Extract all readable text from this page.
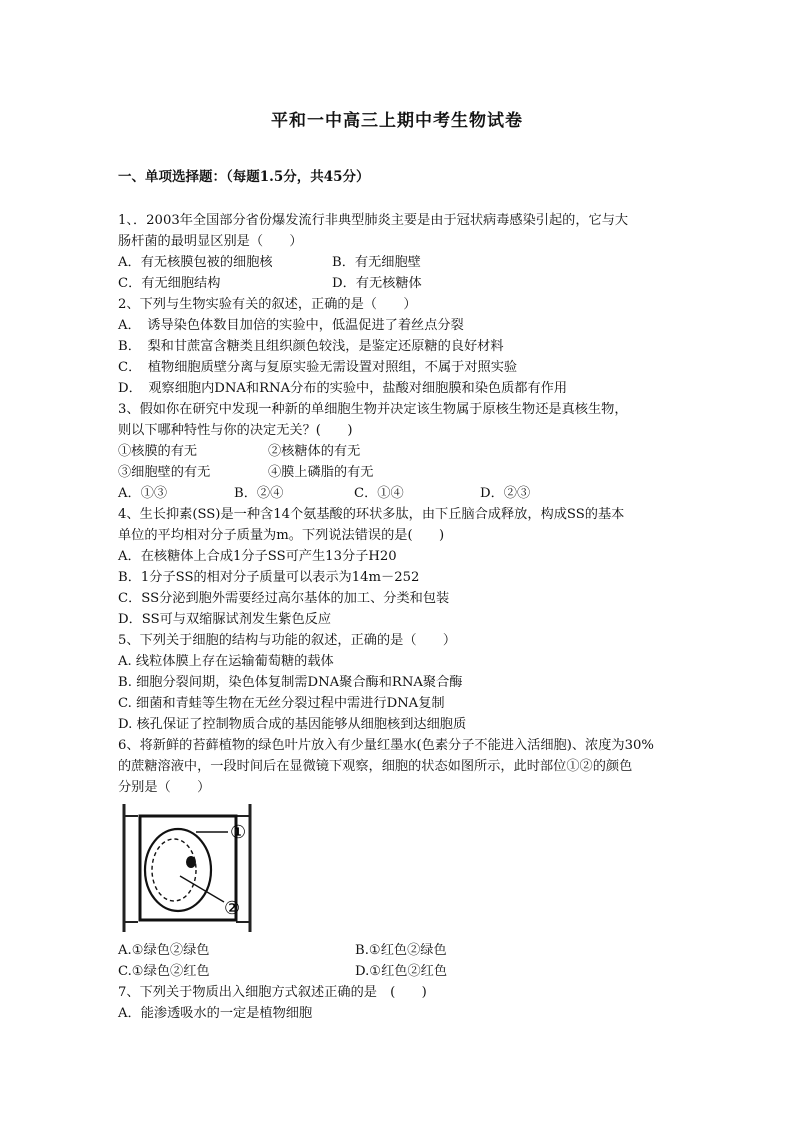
平和一中高三上期中考生物试卷
一、单项选择题：（每题1.5分，共45分）
1、．2003年全国部分省份爆发流行非典型肺炎主要是由于冠状病毒感染引起的，它与大
肠杆菌的最明显区别是（　　）
A．有无核膜包被的细胞核	B．有无细胞壁
C．有无细胞结构	D．有无核糖体
2、下列与生物实验有关的叙述，正确的是（　　）
A．　诱导染色体数目加倍的实验中，低温促进了着丝点分裂
B．　梨和甘蔗富含糖类且组织颜色较浅，是鉴定还原糖的良好材料
C．　植物细胞质壁分离与复原实验无需设置对照组，不属于对照实验
D．　观察细胞内DNA和RNA分布的实验中，盐酸对细胞膜和染色质都有作用
3、假如你在研究中发现一种新的单细胞生物并决定该生物属于原核生物还是真核生物，
则以下哪种特性与你的决定无关？(　　)
①核膜的有无	②核糖体的有无
③细胞壁的有无	④膜上磷脂的有无
A．①③	B．②④	C．①④	D．②③
4、生长抑素(SS)是一种含14个氨基酸的环状多肽，由下丘脑合成释放，构成SS的基本
单位的平均相对分子质量为m。下列说法错误的是(　　)
A．在核糖体上合成1分子SS可产生13分子H20
B．1分子SS的相对分子质量可以表示为14m－252
C．SS分泌到胞外需要经过高尔基体的加工、分类和包装
D．SS可与双缩脲试剂发生紫色反应
5、下列关于细胞的结构与功能的叙述，正确的是（　　）
A. 线粒体膜上存在运输葡萄糖的载体
B. 细胞分裂间期，染色体复制需DNA聚合酶和RNA聚合酶
C. 细菌和青蛙等生物在无丝分裂过程中需进行DNA复制
D. 核孔保证了控制物质合成的基因能够从细胞核到达细胞质
6、将新鲜的苔藓植物的绿色叶片放入有少量红墨水(色素分子不能进入活细胞)、浓度为30%
的蔗糖溶液中，一段时间后在显微镜下观察，细胞的状态如图所示，此时部位①②的颜色
分别是（　　）
①
②
A.①绿色②绿色	B.①红色②绿色
C.①绿色②红色	D.①红色②红色
7、下列关于物质出入细胞方式叙述正确的是　(　　)
A．能渗透吸水的一定是植物细胞
